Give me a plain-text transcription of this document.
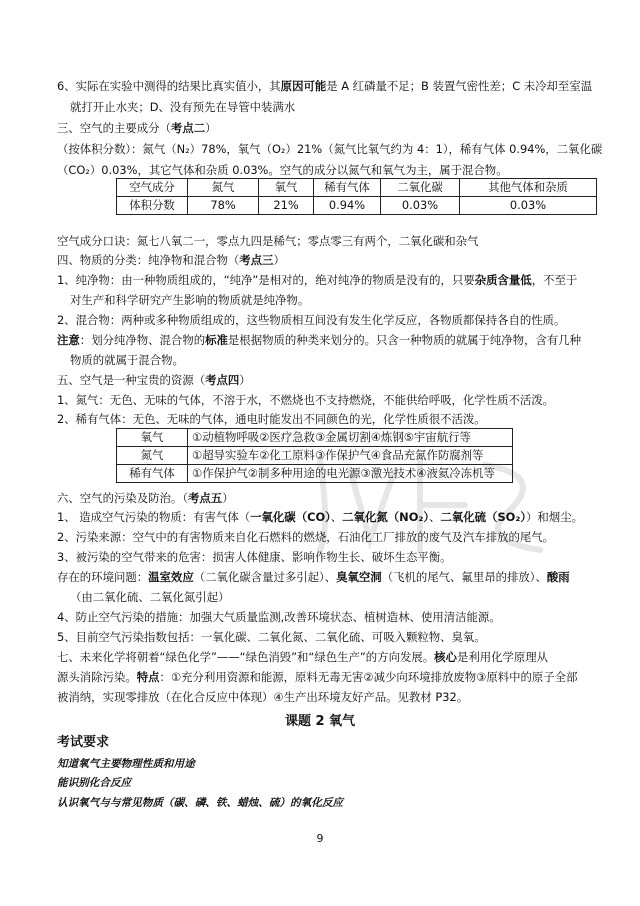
6、实际在实验中测得的结果比真实值小，其原因可能是 A 红磷量不足；B 装置气密性差；C 未冷却至室温
就打开止水夹；D、没有预先在导管中装满水
三、空气的主要成分（考点二）
（按体积分数）：氮气（N₂）78%，氧气（O₂）21%（氮气比氧气约为 4：1），稀有气体 0.94%，二氧化碳
（CO₂）0.03%，其它气体和杂质 0.03%。空气的成分以氮气和氧气为主，属于混合物。
空气成分	氮气	氧气	稀有气体	二氧化碳	其他气体和杂质
体积分数	78%	21%	0.94%	0.03%	0.03%
空气成分口诀：氮七八氧二一，零点九四是稀气；零点零三有两个，二氧化碳和杂气
四、物质的分类：纯净物和混合物（考点三）
1、纯净物：由一种物质组成的，“纯净”是相对的，绝对纯净的物质是没有的，只要杂质含量低，不至于
对生产和科学研究产生影响的物质就是纯净物。
2、混合物：两种或多种物质组成的，这些物质相互间没有发生化学反应，各物质都保持各自的性质。
注意：划分纯净物、混合物的标准是根据物质的种类来划分的。只含一种物质的就属于纯净物，含有几种
物质的就属于混合物。
五、空气是一种宝贵的资源（考点四）
1、氮气：无色、无味的气体，不溶于水，不燃烧也不支持燃烧，不能供给呼吸，化学性质不活泼。
2、稀有气体：无色、无味的气体，通电时能发出不同颜色的光，化学性质很不活泼。
氧气	①动植物呼吸②医疗急救③金属切割④炼钢⑤宇宙航行等
氮气	①超导实验车②化工原料③作保护气④食品充氮作防腐剂等
稀有气体	①作保护气②制多种用途的电光源③激光技术④液氦冷冻机等
六、空气的污染及防治。（考点五）
1、 造成空气污染的物质：有害气体（一氧化碳（CO）、二氧化氮（NO₂）、二氧化硫（SO₂））和烟尘。
2、污染来源：空气中的有害物质来自化石燃料的燃烧，石油化工厂排放的废气及汽车排放的尾气。
3、被污染的空气带来的危害：损害人体健康、影响作物生长、破坏生态平衡。
存在的环境问题：温室效应（二氧化碳含量过多引起）、臭氧空洞（飞机的尾气、氟里昂的排放）、酸雨
（由二氧化硫、二氧化氮引起）
4、防止空气污染的措施：加强大气质量监测,改善环境状态、植树造林、使用清洁能源。
5、目前空气污染指数包括：一氧化碳、二氧化氮、二氧化硫、可吸入颗粒物、臭氧。
七、未来化学将朝着“绿色化学”——“绿色消毁”和“绿色生产”的方向发展。核心是利用化学原理从
源头消除污染。特点：①充分利用资源和能源，原料无毒无害②减少向环境排放废物③原料中的原子全部
被消纳，实现零排放（在化合反应中体现）④生产出环境友好产品。见教材 P32。
课题 2 氧气
考试要求
知道氧气主要物理性质和用途
能识别化合反应
认识氧气与与常见物质（碳、磷、铁、蜡烛、硫）的氧化反应
9
